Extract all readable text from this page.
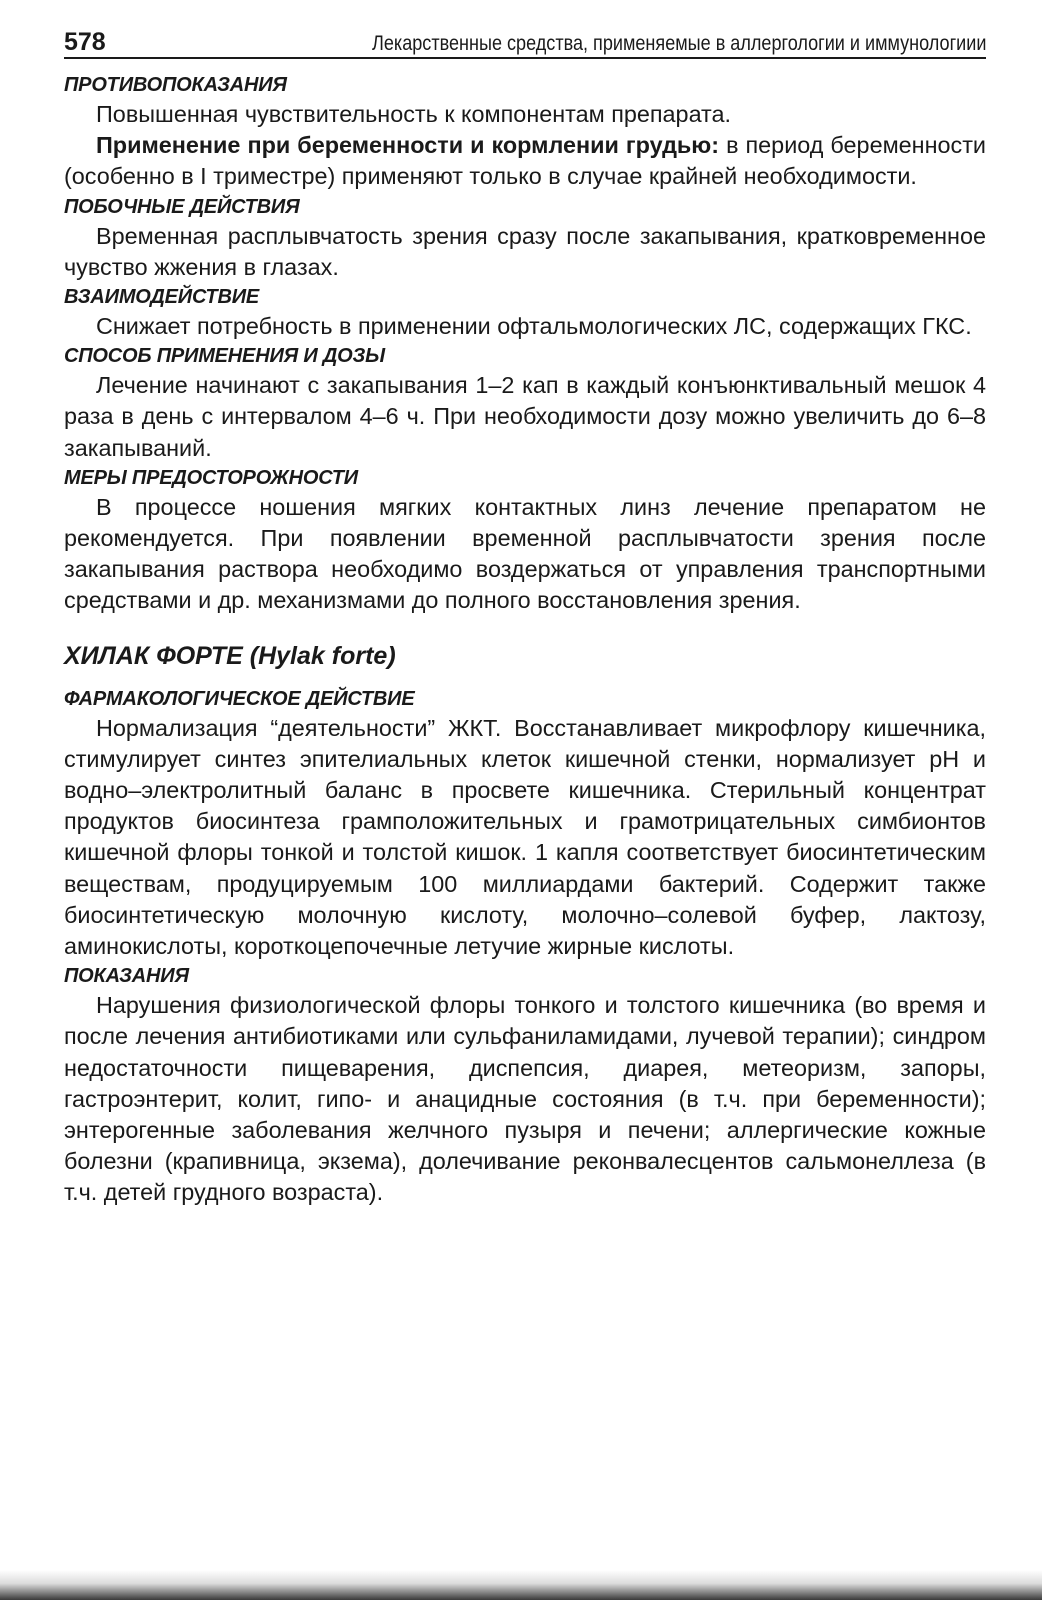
578	Лекарственные средства, применяемые в аллергологии и иммунологиии
ПРОТИВОПОКАЗАНИЯ

Повышенная чувствительность к компонентам препарата.

Применение при беременности и кормлении грудью: в период беременности (особенно в I триместре) применяют только в случае крайней необходимости.

ПОБОЧНЫЕ ДЕЙСТВИЯ

Временная расплывчатость зрения сразу после закапывания, кратковременное чувство жжения в глазах.

ВЗАИМОДЕЙСТВИЕ

Снижает потребность в применении офтальмологических ЛС, содержащих ГКС.

СПОСОБ ПРИМЕНЕНИЯ И ДОЗЫ

Лечение начинают с закапывания 1–2 кап в каждый конъюнктивальный мешок 4 раза в день с интервалом 4–6 ч. При необходимости дозу можно увеличить до 6–8 закапываний.

МЕРЫ ПРЕДОСТОРОЖНОСТИ

В процессе ношения мягких контактных линз лечение препаратом не рекомендуется. При появлении временной расплывчатости зрения после закапывания раствора необходимо воздержаться от управления транспортными средствами и др. механизмами до полного восстановления зрения.

ХИЛАК ФОРТЕ (Hylak forte)
ФАРМАКОЛОГИЧЕСКОЕ ДЕЙСТВИЕ

Нормализация “деятельности” ЖКТ. Восстанавливает микрофлору кишечника, стимулирует синтез эпителиальных клеток кишечной стенки, нормализует pH и водно–электролитный баланс в просвете кишечника. Стерильный концентрат продуктов биосинтеза грамположительных и грамотрицательных симбионтов кишечной флоры тонкой и толстой кишок. 1 капля соответствует биосинтетическим веществам, продуцируемым 100 миллиардами бактерий. Содержит также биосинтетическую молочную кислоту, молочно–солевой буфер, лактозу, аминокислоты, короткоцепочечные летучие жирные кислоты.

ПОКАЗАНИЯ

Нарушения физиологической флоры тонкого и толстого кишечника (во время и после лечения антибиотиками или сульфаниламидами, лучевой терапии); синдром недостаточности пищеварения, диспепсия, диарея, метеоризм, запоры, гастроэнтерит, колит, гипо- и анацидные состояния (в т.ч. при беременности); энтерогенные заболевания желчного пузыря и печени; аллергические кожные болезни (крапивница, экзема), долечивание реконвалесцентов сальмонеллеза (в т.ч. детей грудного возраста).
